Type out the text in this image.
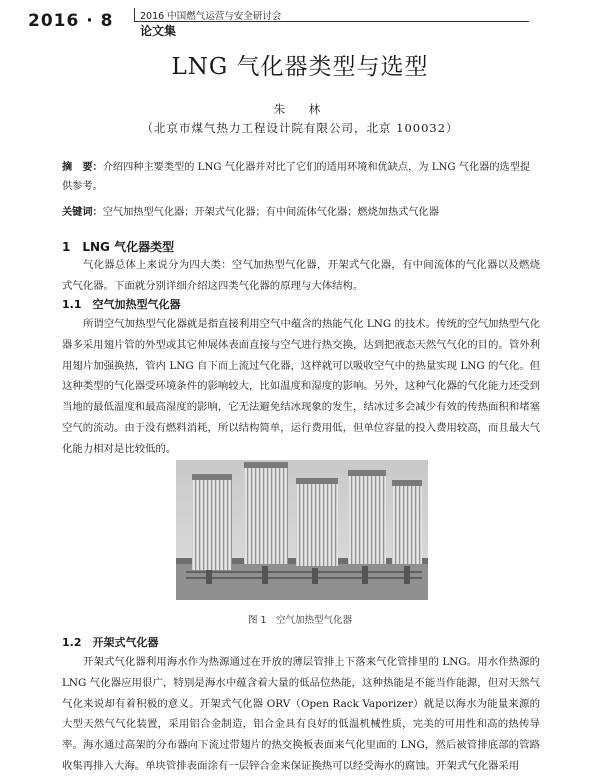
2016 · 8	2016 中国燃气运营与安全研讨会
论文集
LNG 气化器类型与选型
朱　林
（北京市煤气热力工程设计院有限公司，北京 100032）
摘　要：介绍四种主要类型的 LNG 气化器并对比了它们的适用环境和优缺点，为 LNG 气化器的选型提供参考。
关键词：空气加热型气化器；开架式气化器；有中间流体气化器；燃烧加热式气化器
1　LNG 气化器类型
气化器总体上来说分为四大类：空气加热型气化器，开架式气化器，有中间流体的气化器以及燃烧式气化器。下面就分别详细介绍这四类气化器的原理与大体结构。
1.1　空气加热型气化器
所谓空气加热型气化器就是指直接利用空气中蕴含的热能气化 LNG 的技术。传统的空气加热型气化器多采用翅片管的外型或其它伸展体表面直接与空气进行热交换，达到把液态天然气气化的目的。管外利用翅片加强换热，管内 LNG 自下而上流过气化器，这样就可以吸收空气中的热量实现 LNG 的气化。但这种类型的气化器受环境条件的影响较大，比如温度和湿度的影响。另外，这种气化器的气化能力还受到当地的最低温度和最高湿度的影响，它无法避免结冰现象的发生，结冰过多会减少有效的传热面积和堵塞空气的流动。由于没有燃料消耗，所以结构简单，运行费用低，但单位容量的投入费用较高，而且最大气化能力相对是比较低的。
图 1　空气加热型气化器
1.2　开架式气化器
开架式气化器利用海水作为热源通过在开放的薄层管排上下落来气化管排里的 LNG。用水作热源的 LNG 气化器应用很广，特别是海水中蕴含着大量的低品位热能，这种热能是不能当作能源，但对天然气气化来说却有着积极的意义。开架式气化器 ORV（Open Rack Vaporizer）就是以海水为能量来源的大型天然气气化装置，采用铝合金制造，铝合金具有良好的低温机械性质，完美的可用性和高的热传导率。海水通过高架的分布器向下流过带翅片的热交换板表面来气化里面的 LNG，然后被管排底部的管路收集再排入大海。单块管排表面涂有一层锌合金来保证换热可以经受海水的腐蚀。开架式气化器采用
